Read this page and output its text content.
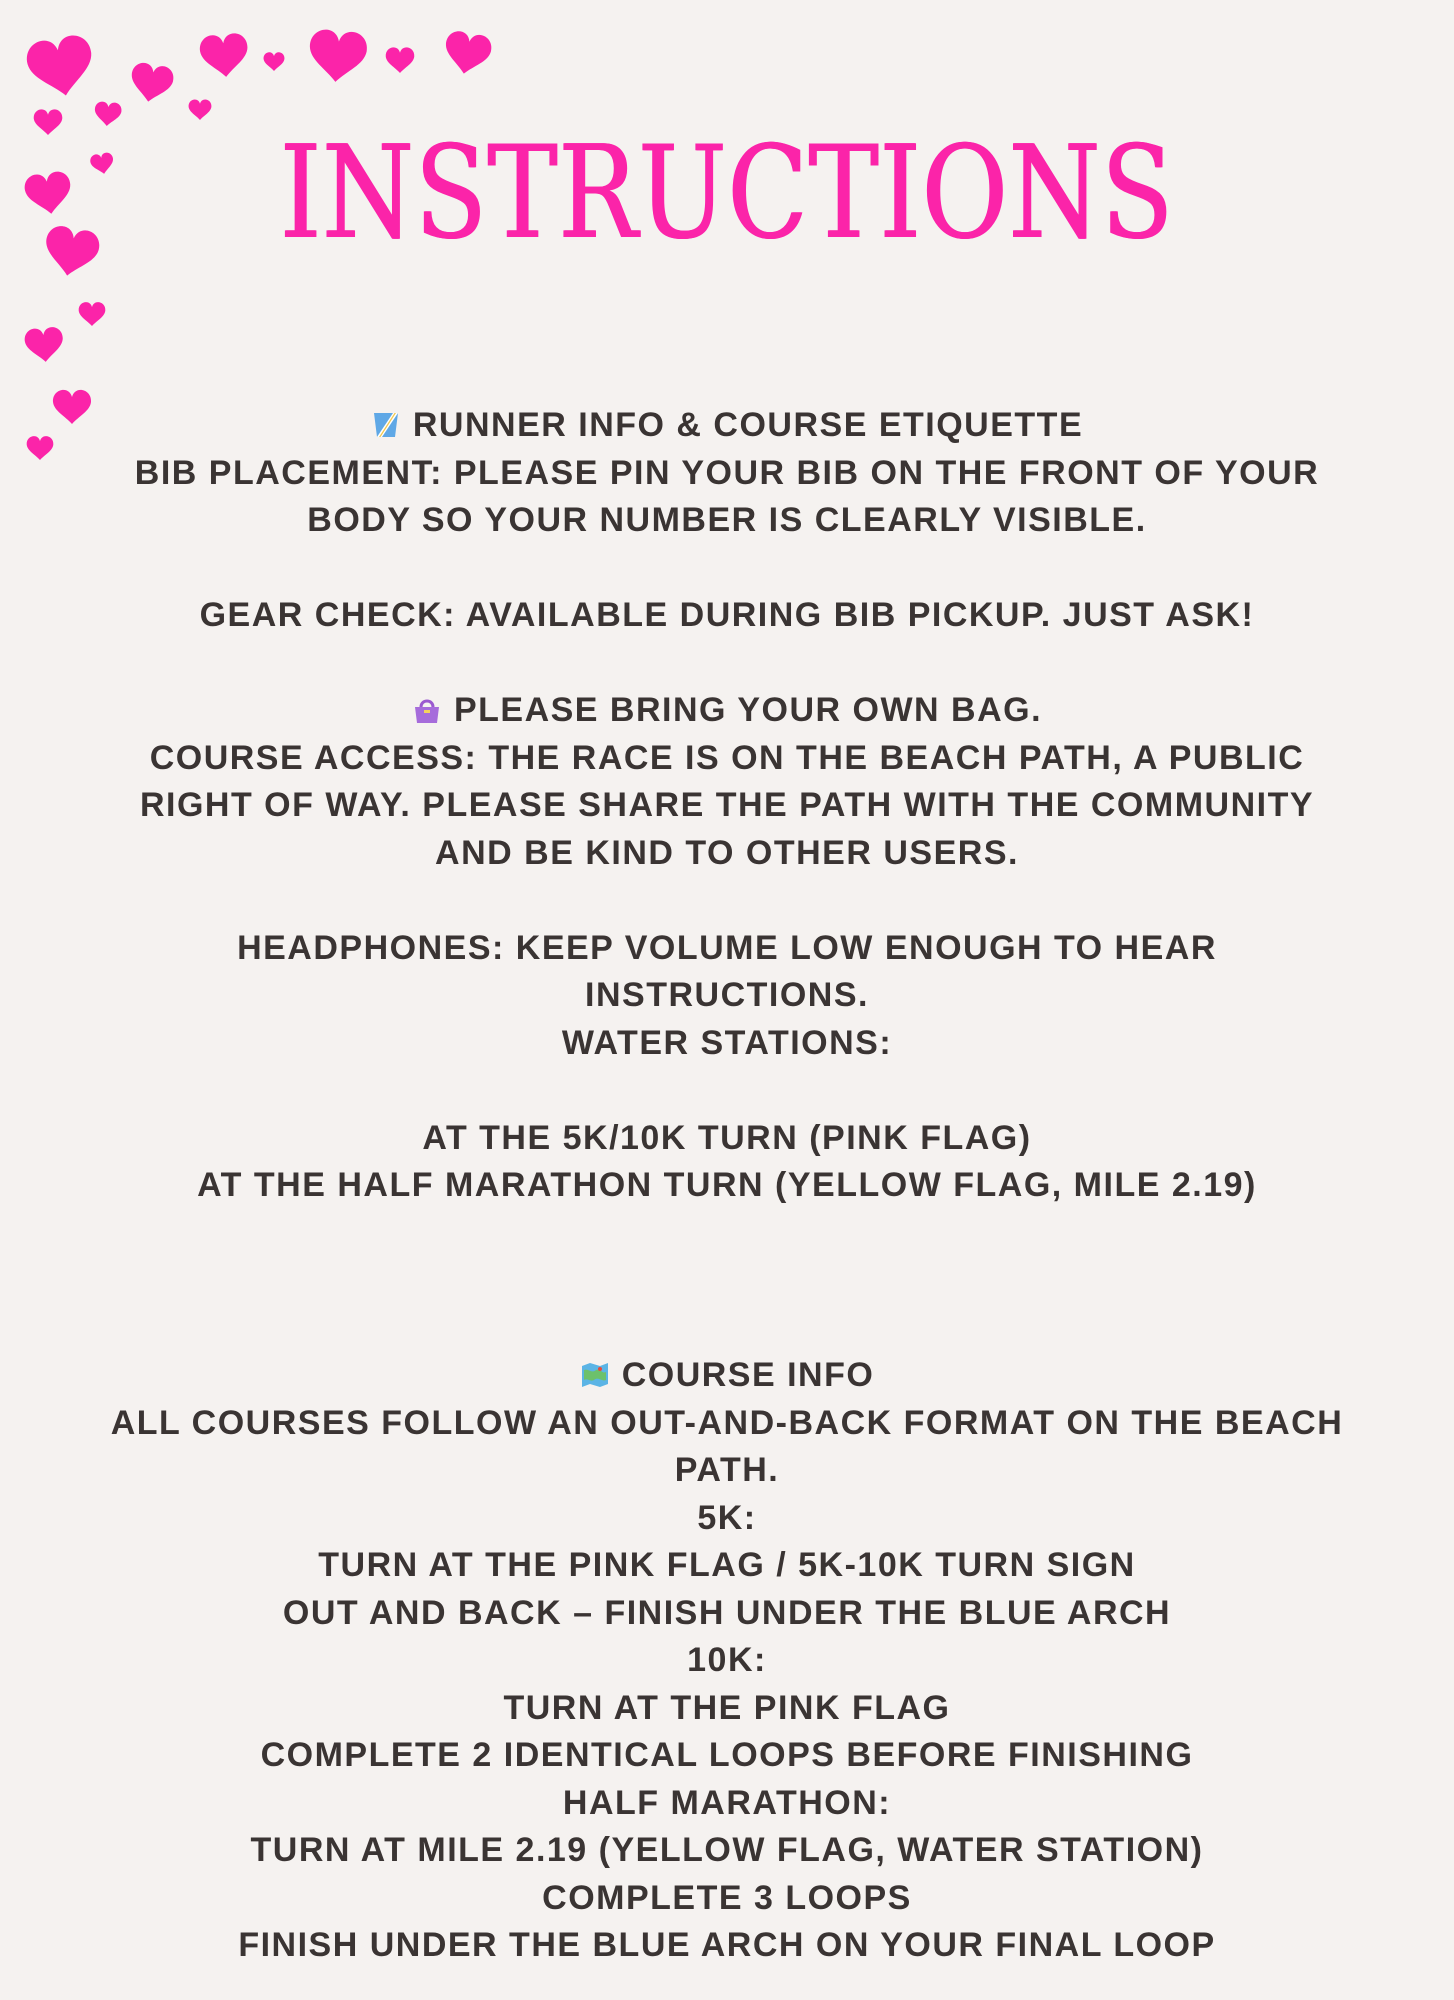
INSTRUCTIONS
RUNNER INFO & COURSE ETIQUETTE
BIB PLACEMENT: PLEASE PIN YOUR BIB ON THE FRONT OF YOUR
BODY SO YOUR NUMBER IS CLEARLY VISIBLE.
GEAR CHECK: AVAILABLE DURING BIB PICKUP. JUST ASK!
PLEASE BRING YOUR OWN BAG.
COURSE ACCESS: THE RACE IS ON THE BEACH PATH, A PUBLIC
RIGHT OF WAY. PLEASE SHARE THE PATH WITH THE COMMUNITY
AND BE KIND TO OTHER USERS.
HEADPHONES: KEEP VOLUME LOW ENOUGH TO HEAR
INSTRUCTIONS.
WATER STATIONS:
AT THE 5K/10K TURN (PINK FLAG)
AT THE HALF MARATHON TURN (YELLOW FLAG, MILE 2.19)
COURSE INFO
ALL COURSES FOLLOW AN OUT-AND-BACK FORMAT ON THE BEACH
PATH.
5K:
TURN AT THE PINK FLAG / 5K-10K TURN SIGN
OUT AND BACK – FINISH UNDER THE BLUE ARCH
10K:
TURN AT THE PINK FLAG
COMPLETE 2 IDENTICAL LOOPS BEFORE FINISHING
HALF MARATHON:
TURN AT MILE 2.19 (YELLOW FLAG, WATER STATION)
COMPLETE 3 LOOPS
FINISH UNDER THE BLUE ARCH ON YOUR FINAL LOOP
